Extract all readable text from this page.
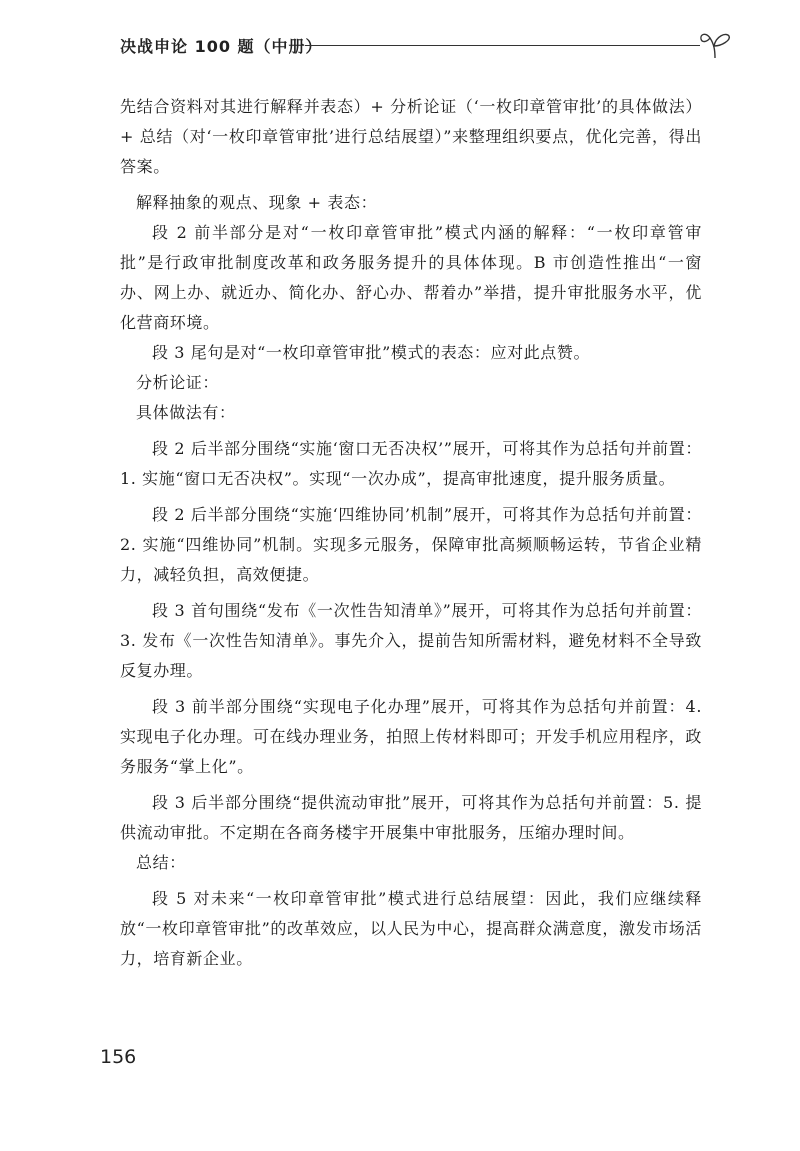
决战申论 100 题（中册）

先结合资料对其进行解释并表态）+ 分析论证（‘一枚印章管审批’的具体做法）+ 总结（对‘一枚印章管审批’进行总结展望）”来整理组织要点，优化完善，得出答案。

解释抽象的观点、现象 + 表态：

段 2 前半部分是对“一枚印章管审批”模式内涵的解释：“一枚印章管审批”是行政审批制度改革和政务服务提升的具体体现。B 市创造性推出“一窗办、网上办、就近办、简化办、舒心办、帮着办”举措，提升审批服务水平，优化营商环境。

段 3 尾句是对“一枚印章管审批”模式的表态：应对此点赞。

分析论证：

具体做法有：

段 2 后半部分围绕“实施‘窗口无否决权’”展开，可将其作为总括句并前置：1. 实施“窗口无否决权”。实现“一次办成”，提高审批速度，提升服务质量。

段 2 后半部分围绕“实施‘四维协同’机制”展开，可将其作为总括句并前置：2. 实施“四维协同”机制。实现多元服务，保障审批高频顺畅运转，节省企业精力，减轻负担，高效便捷。

段 3 首句围绕“发布《一次性告知清单》”展开，可将其作为总括句并前置：3. 发布《一次性告知清单》。事先介入，提前告知所需材料，避免材料不全导致反复办理。

段 3 前半部分围绕“实现电子化办理”展开，可将其作为总括句并前置：4. 实现电子化办理。可在线办理业务，拍照上传材料即可；开发手机应用程序，政务服务“掌上化”。

段 3 后半部分围绕“提供流动审批”展开，可将其作为总括句并前置：5. 提供流动审批。不定期在各商务楼宇开展集中审批服务，压缩办理时间。

总结：

段 5 对未来“一枚印章管审批”模式进行总结展望：因此，我们应继续释放“一枚印章管审批”的改革效应，以人民为中心，提高群众满意度，激发市场活力，培育新企业。

156
